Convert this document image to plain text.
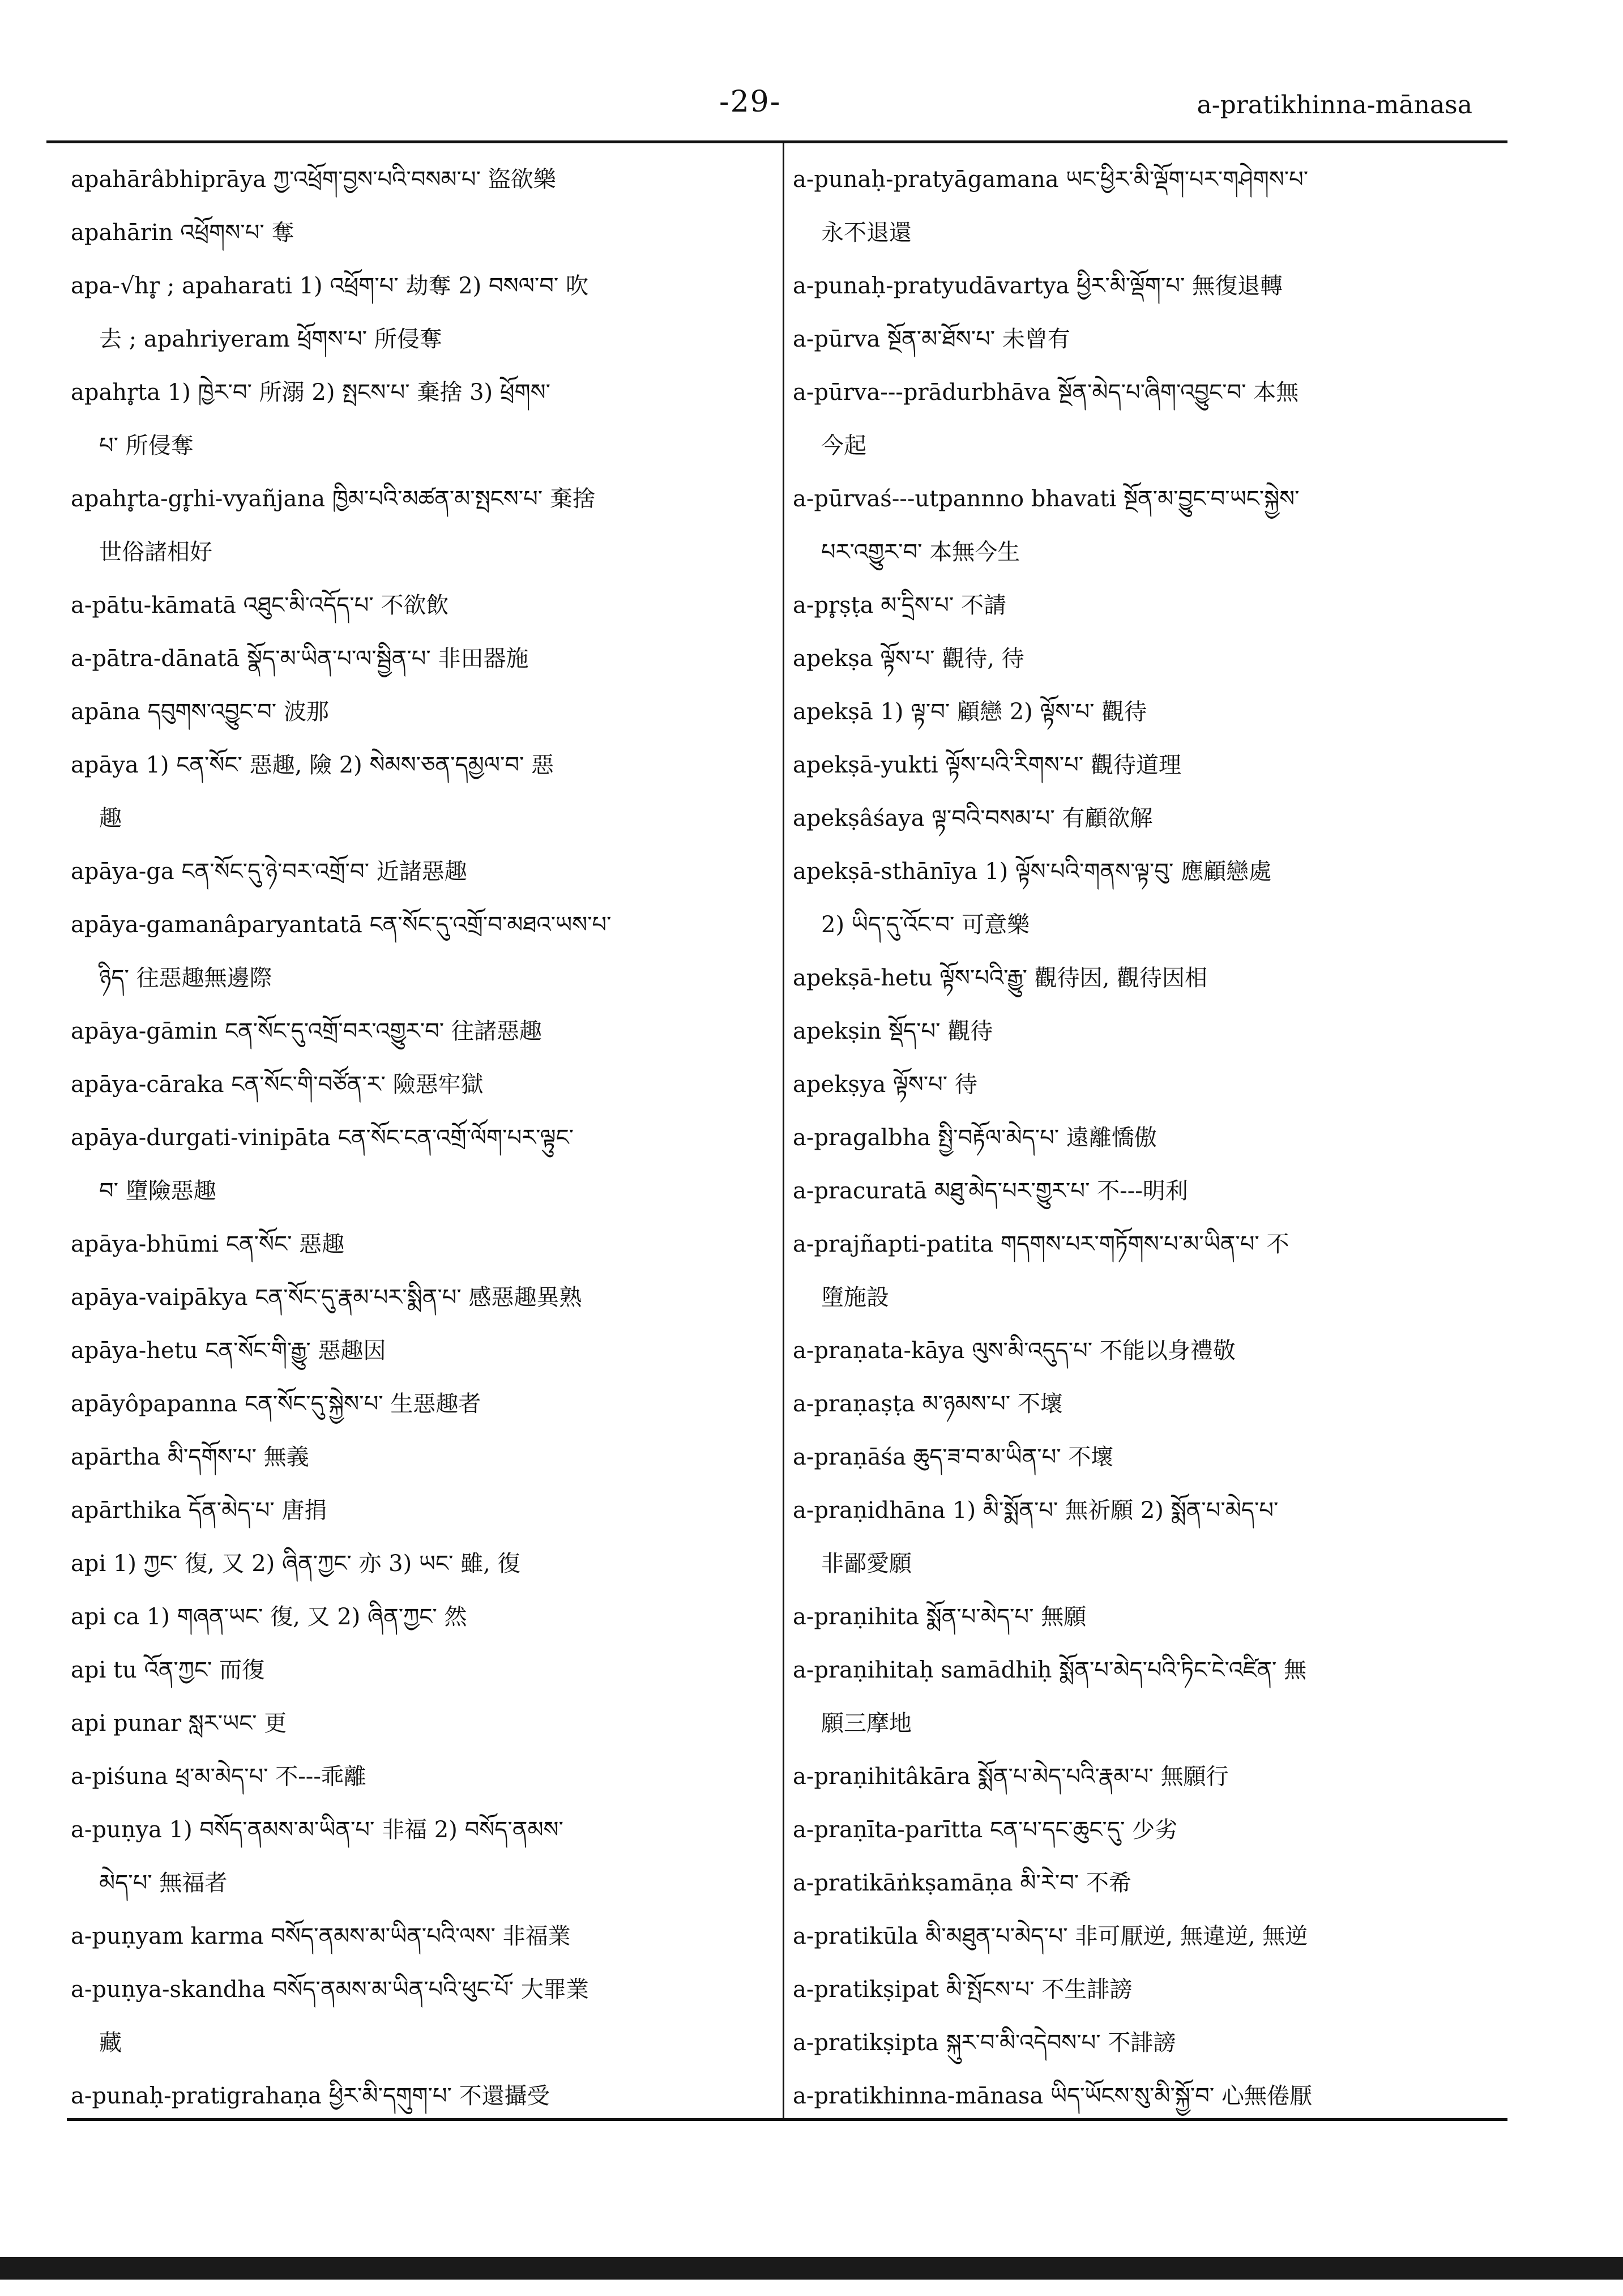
-29-	a-pratikhinna-mānasa
apahārâbhiprāya ཀྱ་འཕྲོག་བྱས་པའི་བསམ་པ་ 盜欲樂
apahārin འཕྲོགས་པ་ 奪
apa-√hr̥ ; apaharati 1) འཕྲོག་པ་ 劫奪 2) བསལ་བ་ 吹
去 ; apahriyeram ཕྲོགས་པ་ 所侵奪
apahr̥ta 1) ཁྱེར་བ་ 所溺 2) སྤངས་པ་ 棄捨 3) ཕྲོགས་
པ་ 所侵奪
apahr̥ta-gr̥hi-vyañjana ཁྱིམ་པའི་མཚན་མ་སྤངས་པ་ 棄捨
世俗諸相好
a-pātu-kāmatā འཐུང་མི་འདོད་པ་ 不欲飲
a-pātra-dānatā སྣོད་མ་ཡིན་པ་ལ་སྦྱིན་པ་ 非田器施
apāna དབུགས་འབྱུང་བ་ 波那
apāya 1) ངན་སོང་ 惡趣, 險 2) སེམས་ཅན་དམྱལ་བ་ 惡
趣
apāya-ga ངན་སོང་དུ་ཉེ་བར་འགྲོ་བ་ 近諸惡趣
apāya-gamanâparyantatā ངན་སོང་དུ་འགྲོ་བ་མཐའ་ཡས་པ་
ཉིད་ 往惡趣無邊際
apāya-gāmin ངན་སོང་དུ་འགྲོ་བར་འགྱུར་བ་ 往諸惡趣
apāya-cāraka ངན་སོང་གི་བཙོན་ར་ 險惡牢獄
apāya-durgati-vinipāta ངན་སོང་ངན་འགྲོ་ལོག་པར་ལྟུང་
བ་ 墮險惡趣
apāya-bhūmi ངན་སོང་ 惡趣
apāya-vaipākya ངན་སོང་དུ་རྣམ་པར་སྨིན་པ་ 感惡趣異熟
apāya-hetu ངན་སོང་གི་རྒྱུ་ 惡趣因
apāyôpapanna ངན་སོང་དུ་སྐྱེས་པ་ 生惡趣者
apārtha མི་དགོས་པ་ 無義
apārthika དོན་མེད་པ་ 唐捐
api 1) ཀྱང་ 復, 又 2) ཞིན་ཀྱང་ 亦 3) ཡང་ 雖, 復
api ca 1) གཞན་ཡང་ 復, 又 2) ཞིན་ཀྱང་ 然
api tu འོན་ཀྱང་ 而復
api punar སླར་ཡང་ 更
a-piśuna ཕྲ་མ་མེད་པ་ 不---乖離
a-puṇya 1) བསོད་ནམས་མ་ཡིན་པ་ 非福 2) བསོད་ནམས་
མེད་པ་ 無福者
a-puṇyam karma བསོད་ནམས་མ་ཡིན་པའི་ལས་ 非福業
a-puṇya-skandha བསོད་ནམས་མ་ཡིན་པའི་ཕུང་པོ་ 大罪業
藏
a-punaḥ-pratigrahaṇa ཕྱིར་མི་དགུག་པ་ 不還攝受
a-punaḥ-pratyāgamana ཡང་ཕྱིར་མི་ལྡོག་པར་གཤེགས་པ་
永不退還
a-punaḥ-pratyudāvartya ཕྱིར་མི་ལྡོག་པ་ 無復退轉
a-pūrva སྔོན་མ་ཐོས་པ་ 未曾有
a-pūrva---prādurbhāva སྔོན་མེད་པ་ཞིག་འབྱུང་བ་ 本無
今起
a-pūrvaś---utpannno bhavati སྔོན་མ་བྱུང་བ་ཡང་སྐྱེས་
པར་འགྱུར་བ་ 本無今生
a-pr̥ṣṭa མ་དྲིས་པ་ 不請
apekṣa ལྟོས་པ་ 觀待, 待
apekṣā 1) ལྟ་བ་ 顧戀 2) ལྟོས་པ་ 觀待
apekṣā-yukti ལྟོས་པའི་རིགས་པ་ 觀待道理
apekṣâśaya ལྟ་བའི་བསམ་པ་ 有顧欲解
apekṣā-sthānīya 1) ལྟོས་པའི་གནས་ལྟ་བུ་ 應顧戀處
2) ཡིད་དུ་འོང་བ་ 可意樂
apekṣā-hetu ལྟོས་པའི་རྒྱུ་ 觀待因, 觀待因相
apekṣin སྡོད་པ་ 觀待
apekṣya ལྟོས་པ་ 待
a-pragalbha སྤྱི་བརྟོལ་མེད་པ་ 遠離憍傲
a-pracuratā མཐུ་མེད་པར་གྱུར་པ་ 不---明利
a-prajñapti-patita གདགས་པར་གཏོགས་པ་མ་ཡིན་པ་ 不
墮施設
a-praṇata-kāya ལུས་མི་འདུད་པ་ 不能以身禮敬
a-praṇaṣṭa མ་ཉམས་པ་ 不壞
a-praṇāśa ཆུད་ཟ་བ་མ་ཡིན་པ་ 不壞
a-praṇidhāna 1) མི་སྨོན་པ་ 無祈願 2) སྨོན་པ་མེད་པ་
非鄙愛願
a-praṇihita སྨོན་པ་མེད་པ་ 無願
a-praṇihitaḥ samādhiḥ སྨོན་པ་མེད་པའི་ཏིང་ངེ་འཛིན་ 無
願三摩地
a-praṇihitâkāra སྨོན་པ་མེད་པའི་རྣམ་པ་ 無願行
a-praṇīta-parītta ངན་པ་དང་ཆུང་དུ་ 少劣
a-pratikāṅkṣamāṇa མི་རེ་བ་ 不希
a-pratikūla མི་མཐུན་པ་མེད་པ་ 非可厭逆, 無違逆, 無逆
a-pratikṣipat མི་སྤོངས་པ་ 不生誹謗
a-pratikṣipta སྐུར་བ་མི་འདེབས་པ་ 不誹謗
a-pratikhinna-mānasa ཡིད་ཡོངས་སུ་མི་སྐྱོ་བ་ 心無倦厭
